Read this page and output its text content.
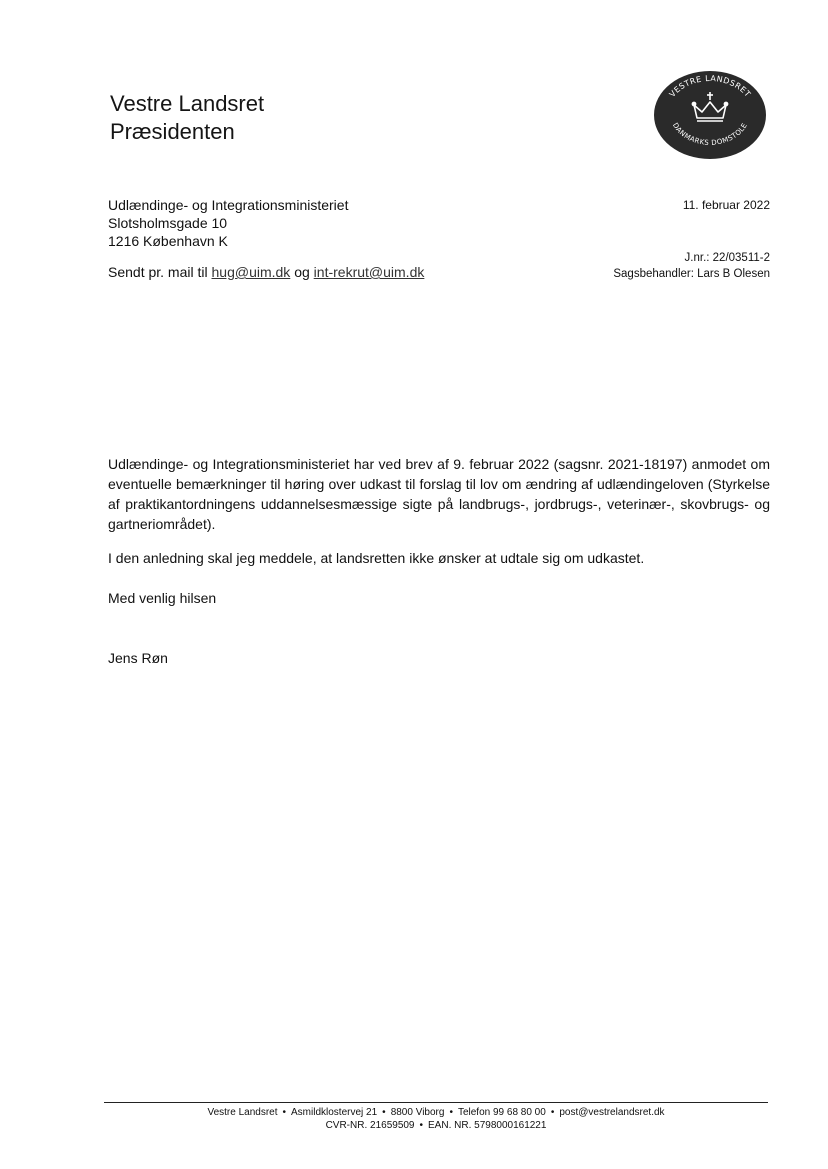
Vestre Landsret
Præsidenten
VESTRE LANDSRET
DANMARKS DOMSTOLE
Udlændinge- og Integrationsministeriet
Slotsholmsgade 10
1216 København K
11. februar 2022
J.nr.: 22/03511-2
Sagsbehandler: Lars B Olesen
Sendt pr. mail til hug@uim.dk og int-rekrut@uim.dk
Udlændinge- og Integrationsministeriet har ved brev af 9. februar 2022 (sagsnr. 2021-18197) anmodet om eventuelle bemærkninger til høring over udkast til forslag til lov om ændring af udlændingeloven (Styrkelse af praktikantordningens uddannelsesmæssige sigte på landbrugs-, jordbrugs-, veterinær-, skovbrugs- og gartneriområdet).
I den anledning skal jeg meddele, at landsretten ikke ønsker at udtale sig om udkastet.
Med venlig hilsen
Jens Røn
Vestre Landsret • Asmildklostervej 21 • 8800 Viborg • Telefon 99 68 80 00 • post@vestrelandsret.dk
CVR-NR. 21659509 • EAN. NR. 5798000161221
